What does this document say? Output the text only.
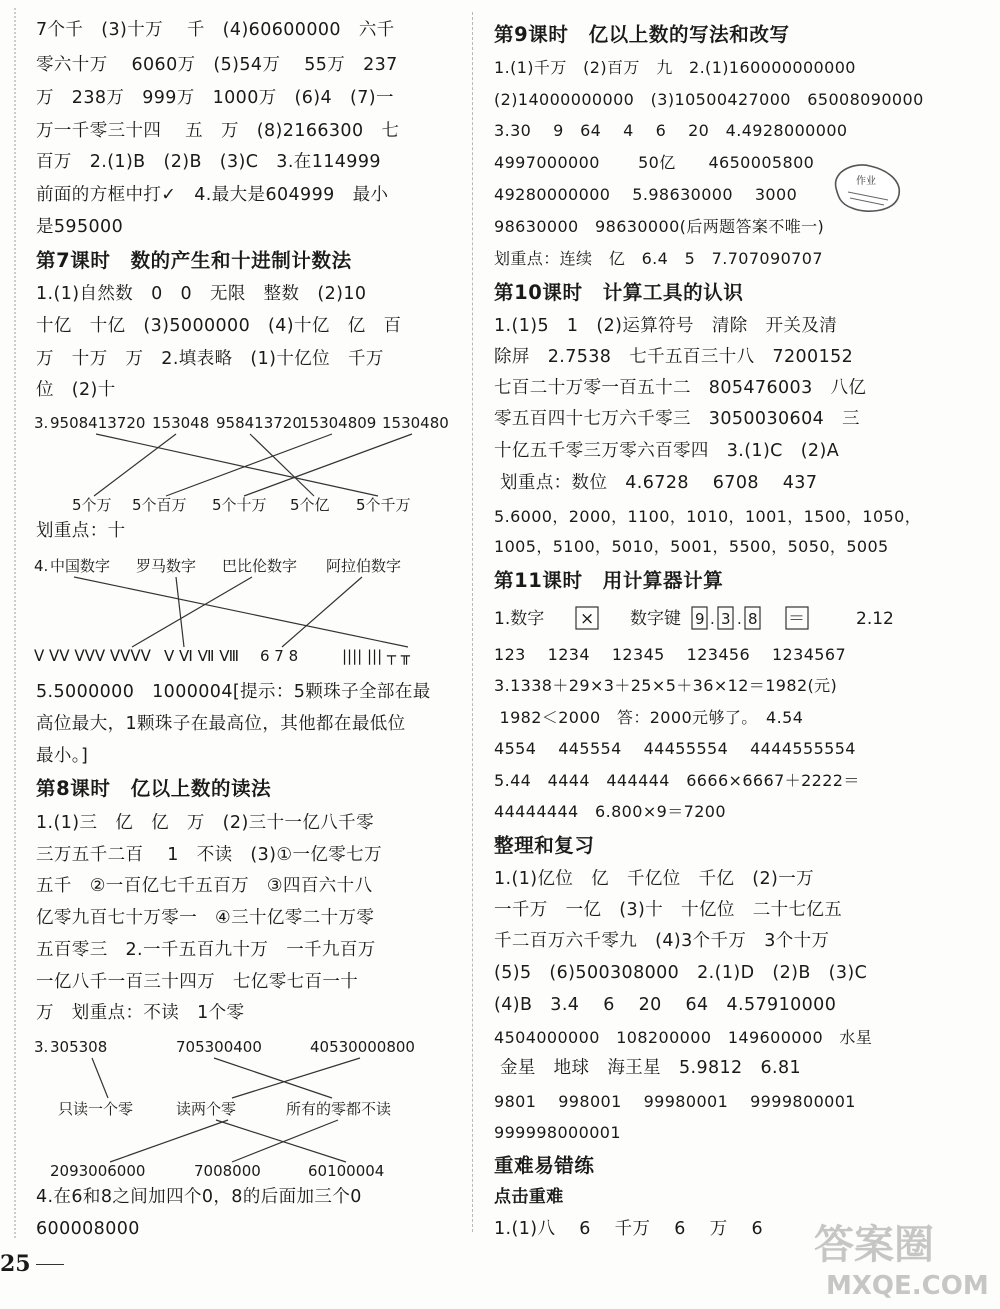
7个千　(3)十万　 千　(4)60600000　六千
零六十万　 6060万　(5)54万　 55万　237
万　238万　999万　1000万　(6)4　(7)一
万一千零三十四　 五　万　(8)2166300　七
百万　2.(1)B　(2)B　(3)C　3.在114999
前面的方框中打✓　4.最大是604999　最小
是595000
第7课时　数的产生和十进制计数法
1.(1)自然数　0　0　无限　整数　(2)10
十亿　十亿　(3)5000000　(4)十亿　亿　百
万　十万　万　2.填表略　(1)十亿位　千万
位　(2)十
3. 9508413720 153048 958413720
15304809 1530480
5个万 5个百万 5个十万 5个亿 5个千万
划重点：十
4. 中国数字 罗马数字 巴比伦数字 阿拉伯数字
ᐯ ᐯᐯ ᐯᐯᐯ ᐯᐯᐯᐯ V Ⅵ Ⅶ Ⅷ 6 7 8	|||| ||| ┬ ╥
5.5000000　1000004[提示：5颗珠子全部在最
高位最大，1颗珠子在最高位，其他都在最低位
最小。]
第8课时　亿以上数的读法
1.(1)三　亿　亿　万　(2)三十一亿八千零
三万五千二百　 1　不读　(3)①一亿零七万
五千　②一百亿七千五百万　③四百六十八
亿零九百七十万零一　④三十亿零二十万零
五百零三　2.一千五百九十万　一千九百万
一亿八千一百三十四万　七亿零七百一十
万　划重点：不读　1个零
3. 305308	705300400	40530000800
只读一个零	读两个零	所有的零都不读
2093006000	7008000	60100004
4.在6和8之间加四个0，8的后面加三个0
600008000
第9课时　亿以上数的写法和改写
1.(1)千万　(2)百万　九　2.(1)160000000000
(2)14000000000　(3)10500427000　65008090000
3.30　 9　64　 4　 6　 20　4.4928000000
4997000000　　 50亿　　4650005800
49280000000　 5.98630000　 3000
98630000　98630000(后两题答案不唯一)
划重点：连续　亿　6.4　5　7.707090707
第10课时　计算工具的认识
1.(1)5　1　(2)运算符号　清除　开关及清
除屏　2.7538　七千五百三十八　7200152
七百二十万零一百五十二　805476003　八亿
零五百四十七万六千零三　3050030604　三
十亿五千零三万零六百零四　3.(1)C　(2)A
划重点：数位　4.6728　 6708　 437
5.6000，2000，1100，1010，1001，1500，1050，
1005，5100，5010，5001，5500，5050，5005
第11课时　用计算器计算
1.数字 × 数字键 9 . 3 . 8 ＝	2.12
123　 1234　 12345　 123456　 1234567
3.1338＋29×3＋25×5＋36×12＝1982(元)
1982＜2000　答：2000元够了。　4.54
4554　 445554　 44455554　 4444555554
5.44　4444　444444　6666×6667＋2222＝
44444444　6.800×9＝7200
整理和复习
1.(1)亿位　亿　千亿位　千亿　(2)一万
一千万　一亿　(3)十　十亿位　二十七亿五
千二百万六千零九　(4)3个千万　3个十万
(5)5　(6)500308000　2.(1)D　(2)B　(3)C
(4)B　3.4　 6　 20　 64　4.57910000
4504000000　108200000　149600000　水星
金星　地球　海王星　5.9812　6.81
9801　 998001　 99980001　 9999800001
999998000001
重难易错练
点击重难
1.(1)八　 6　 千万　 6　 万　 6
作业
25	答案圈
MXQE.COM
